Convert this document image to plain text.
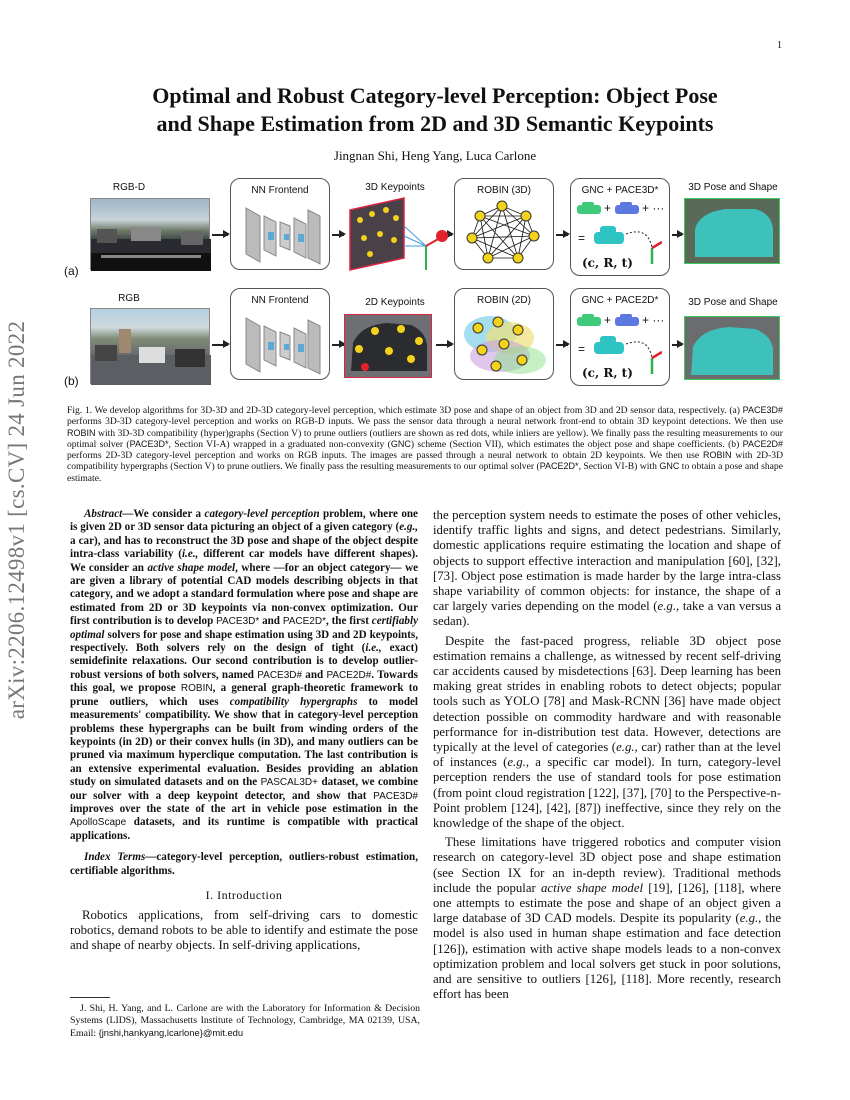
1
arXiv:2206.12498v1 [cs.CV] 24 Jun 2022
Optimal and Robust Category-level Perception: Object Pose
and Shape Estimation from 2D and 3D Semantic Keypoints
Jingnan Shi, Heng Yang, Luca Carlone
RGB-D
(a)
NN Frontend	3D Keypoints	ROBIN (3D)	GNC + PACE3D*
+	+ ···
=
(c, R, t)
3D Pose and Shape
RGB
(b)
NN Frontend	2D Keypoints	ROBIN (2D)	GNC + PACE2D*
+	+ ···
=
(c, R, t)
3D Pose and Shape
Fig. 1. We develop algorithms for 3D-3D and 2D-3D category-level perception, which estimate 3D pose and shape of an object from 3D and 2D sensor data, respectively. (a) PACE3D# performs 3D-3D category-level perception and works on RGB-D inputs. We pass the sensor data through a neural network front-end to obtain 3D keypoint detections. We then use ROBIN with 3D-3D compatibility (hyper)graphs (Section V) to prune outliers (outliers are shown as red dots, while inliers are yellow). We finally pass the resulting measurements to our optimal solver (PACE3D*, Section VI-A) wrapped in a graduated non-convexity (GNC) scheme (Section VII), which estimates the object pose and shape coefficients. (b) PACE2D# performs 2D-3D category-level perception and works on RGB inputs. The images are passed through a neural network to obtain 2D keypoints. We then use ROBIN with 2D-3D compatibility hypergraphs (Section V) to prune outliers. We finally pass the resulting measurements to our optimal solver (PACE2D*, Section VI-B) with GNC to obtain a pose and shape estimate.

Abstract—We consider a category-level perception problem, where one is given 2D or 3D sensor data picturing an object of a given category (e.g., a car), and has to reconstruct the 3D pose and shape of the object despite intra-class variability (i.e., different car models have different shapes). We consider an active shape model, where —for an object category— we are given a library of potential CAD models describing objects in that category, and we adopt a standard formulation where pose and shape are estimated from 2D or 3D keypoints via non-convex optimization. Our first contribution is to develop PACE3D* and PACE2D*, the first certifiably optimal solvers for pose and shape estimation using 3D and 2D keypoints, respectively. Both solvers rely on the design of tight (i.e., exact) semidefinite relaxations. Our second contribution is to develop outlier-robust versions of both solvers, named PACE3D# and PACE2D#. Towards this goal, we propose ROBIN, a general graph-theoretic framework to prune outliers, which uses compatibility hypergraphs to model measurements' compatibility. We show that in category-level perception problems these hypergraphs can be built from winding orders of the keypoints (in 2D) or their convex hulls (in 3D), and many outliers can be pruned via maximum hyperclique computation. The last contribution is an extensive experimental evaluation. Besides providing an ablation study on simulated datasets and on the PASCAL3D+ dataset, we combine our solver with a deep keypoint detector, and show that PACE3D# improves over the state of the art in vehicle pose estimation in the ApolloScape datasets, and its runtime is compatible with practical applications.

Index Terms—category-level perception, outliers-robust estimation, certifiable algorithms.

I. Introduction

Robotics applications, from self-driving cars to domestic robotics, demand robots to be able to identify and estimate the pose and shape of nearby objects. In self-driving applications,

J. Shi, H. Yang, and L. Carlone are with the Laboratory for Information & Decision Systems (LIDS), Massachusetts Institute of Technology, Cambridge, MA 02139, USA, Email: {jnshi,hankyang,lcarlone}@mit.edu

the perception system needs to estimate the poses of other vehicles, identify traffic lights and signs, and detect pedestrians. Similarly, domestic applications require estimating the location and shape of objects to support effective interaction and manipulation [60], [32], [73]. Object pose estimation is made harder by the large intra-class shape variability of common objects: for instance, the shape of a car largely varies depending on the model (e.g., take a van versus a sedan).

Despite the fast-paced progress, reliable 3D object pose estimation remains a challenge, as witnessed by recent self-driving car accidents caused by misdetections [63]. Deep learning has been making great strides in enabling robots to detect objects; popular tools such as YOLO [78] and Mask-RCNN [36] have made object detection possible on commodity hardware and with reasonable performance for in-distribution test data. However, detections are typically at the level of categories (e.g., car) rather than at the level of instances (e.g., a specific car model). In turn, category-level perception renders the use of standard tools for pose estimation (from point cloud registration [122], [37], [70] to the Perspective-n-Point problem [124], [42], [87]) ineffective, since they rely on the knowledge of the shape of the object.

These limitations have triggered robotics and computer vision research on category-level 3D object pose and shape estimation (see Section IX for an in-depth review). Traditional methods include the popular active shape model [19], [126], [118], where one attempts to estimate the pose and shape of an object given a large database of 3D CAD models. Despite its popularity (e.g., the model is also used in human shape estimation and face detection [126]), estimation with active shape models leads to a non-convex optimization problem and local solvers get stuck in poor solutions, and are sensitive to outliers [126], [118]. More recently, research effort has been
